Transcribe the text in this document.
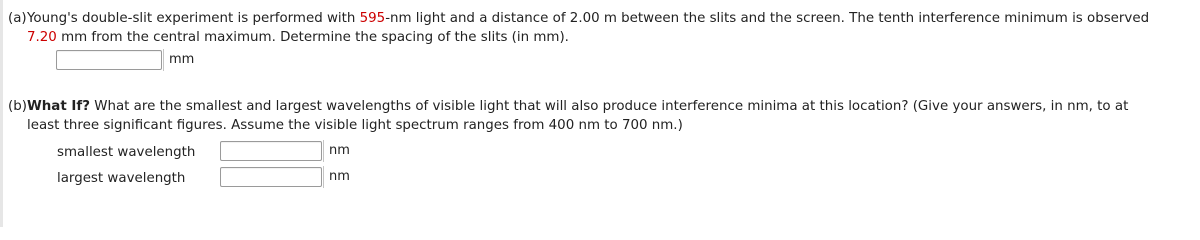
(a) Young's double-slit experiment is performed with 595-nm light and a distance of 2.00 m between the slits and the screen. The tenth interference minimum is observed
7.20 mm from the central maximum. Determine the spacing of the slits (in mm).
mm
(b) What If? What are the smallest and largest wavelengths of visible light that will also produce interference minima at this location? (Give your answers, in nm, to at
least three significant figures. Assume the visible light spectrum ranges from 400 nm to 700 nm.)
smallest wavelength	nm
largest wavelength	nm
